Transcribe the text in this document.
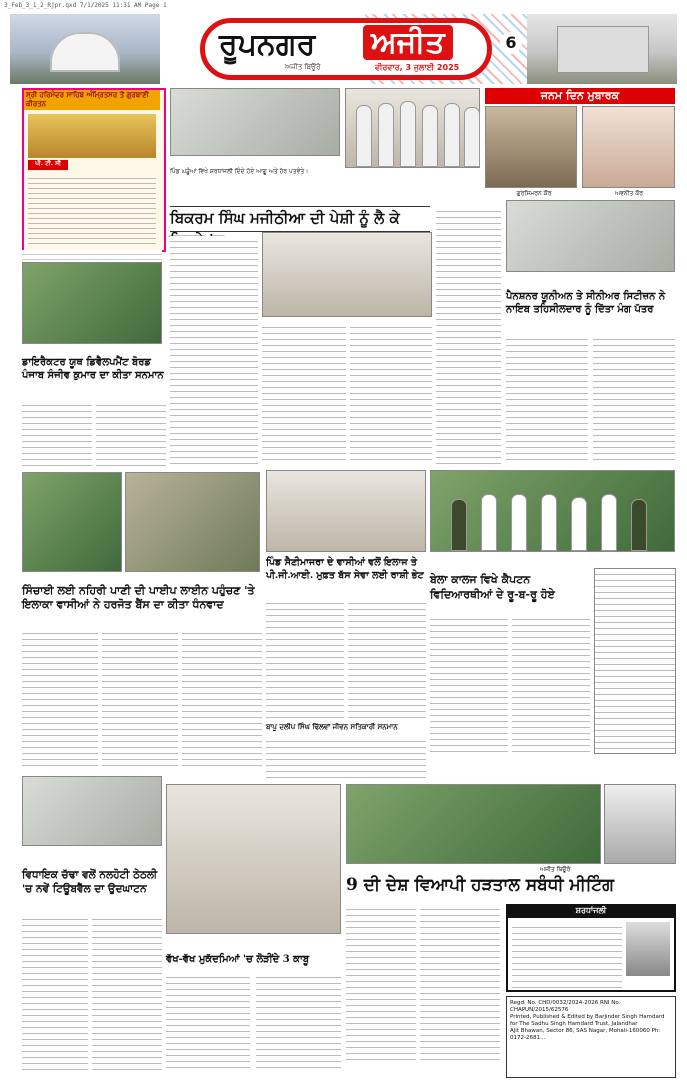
3_Feb_3_1_2_Rjpr.qxd 7/1/2025 11:31 AM Page 1
ਰੂਪਨਗਰ ਅਜੀਤ
ਅਜੀਤ ਬਿਊਰੋ	ਵੀਰਵਾਰ, 3 ਜੁਲਾਈ 2025
6
ਸ੍ਰੀ ਹਰਿਮੰਦਰ ਸਾਹਿਬ ਅੰਮ੍ਰਿਤਸਰ ਤੋਂ ਗੁਰਬਾਣੀ ਕੀਰਤਨ
ਪੀ. ਟੀ. ਸੀ
ਜਨਮ ਦਿਨ ਮੁਬਾਰਕ
ਗੁਰਸਿਮਰਨ ਕੌਰ	ਅਵਨੀਤ ਕੌਰ
ਬਿਕਰਮ ਸਿੰਘ ਮਜੀਠੀਆ ਦੀ ਪੇਸ਼ੀ ਨੂੰ ਲੈ ਕੇ
ਪਿੰਡ ਘੜੂੰਆਂ ਵਿਖੇ ਸ਼ਰਧਾਂਜਲੀ ਦਿੰਦੇ ਹੋਏ ਆਗੂ ਅਤੇ ਹੋਰ ਪਤਵੰਤੇ।
ਡਾਇਰੈਕਟਰ ਯੂਥ ਡਿਵੈਲਪਮੈਂਟ ਬੋਰਡ ਪੰਜਾਬ ਸੰਜੀਵ ਕੁਮਾਰ ਦਾ ਕੀਤਾ ਸਨਮਾਨ
ਪੈਨਸ਼ਨਰ ਯੂਨੀਅਨ ਤੇ ਸੀਨੀਅਰ ਸਿਟੀਜ਼ਨ ਨੇ ਨਾਇਬ ਤਹਿਸੀਲਦਾਰ ਨੂੰ ਦਿੱਤਾ ਮੰਗ ਪੱਤਰ
ਸਿੰਚਾਈ ਲਈ ਨਹਿਰੀ ਪਾਣੀ ਦੀ ਪਾਈਪ ਲਾਈਨ ਪਹੁੰਚਣ 'ਤੇ ਇਲਾਕਾ ਵਾਸੀਆਂ ਨੇ ਹਰਜੋਤ ਬੈਂਸ ਦਾ ਕੀਤਾ ਧੰਨਵਾਦ
ਪਿੰਡ ਸੈਣੀਮਾਜਰਾ ਦੇ ਵਾਸੀਆਂ ਵਲੋਂ ਇਲਾਜ ਤੇ ਪੀ.ਜੀ.ਆਈ. ਮੁਫ਼ਤ ਬੱਸ ਸੇਵਾ ਲਈ ਰਾਸ਼ੀ ਭੇਟ ਬੇਲਾ ਕਾਲਜ ਵਿਖੇ ਕੈਪਟਨ ਵਿਦਿਆਰਥੀਆਂ ਦੇ ਰੂ-ਬ-ਰੂ ਹੋਏ
ਬਾਪੂ ਦਲੀਪ ਸਿੰਘ ਢਿੱਲਵਾਂ ਜੀਵਨ ਸਤਿਕਾਰੀ ਸਨਮਾਨ
ਵਿਧਾਇਕ ਚੱਢਾ ਵਲੋਂ ਨਲਹੋਟੀ ਠੇਠਲੀ 'ਚ ਨਵੇਂ ਟਿਊਬਵੈੱਲ ਦਾ ਉਦਘਾਟਨ
ਵੱਖ-ਵੱਖ ਮੁਕੱਦਮਿਆਂ 'ਚ ਲੋੜੀਂਦੇ 3 ਕਾਬੂ
ਅਜੀਤ ਬਿਊਰੋ
9 ਦੀ ਦੇਸ਼ ਵਿਆਪੀ ਹੜਤਾਲ ਸਬੰਧੀ ਮੀਟਿੰਗ
ਸ਼ਰਧਾਂਜਲੀ
Regd. No. CHD/0032/2024-2026 RNI No. CHAPUN/2015/62576
Printed, Published & Edited by Barjinder Singh Hamdard for The Sadhu Singh Hamdard Trust, Jalandhar
Ajit Bhawan, Sector 86, SAS Nagar, Mohali-160060 Ph: 0172-2681...
